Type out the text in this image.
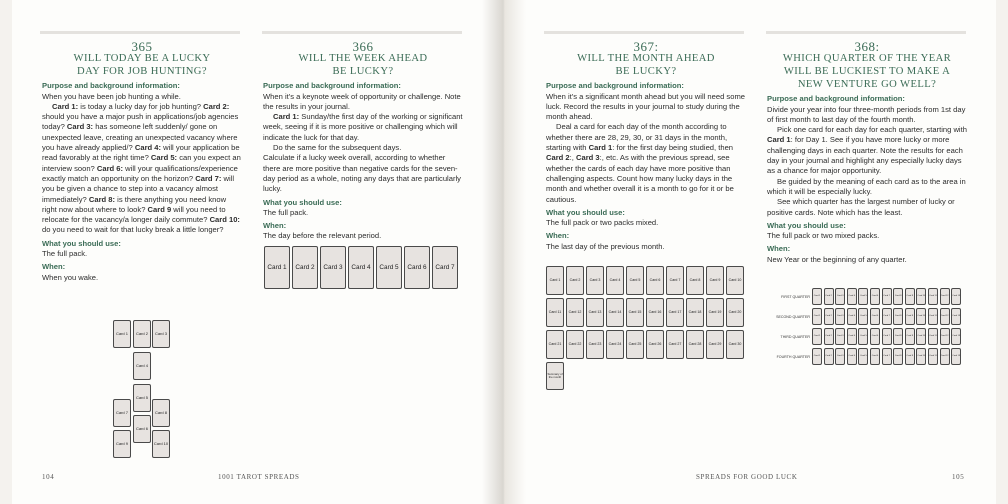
365
WILL TODAY BE A LUCKY
DAY FOR JOB HUNTING?
Purpose and background information:
When you have been job hunting a while.
Card 1: is today a lucky day for job hunting? Card 2: should you have a major push in applications/job agencies today? Card 3: has someone left suddenly/ gone on unexpected leave, creating an unexpected vacancy where you have already applied/? Card 4: will your application be read favorably at the right time? Card 5: can you expect an interview soon? Card 6: will your qualifications/experience exactly match an opportunity on the horizon? Card 7: will you be given a chance to step into a vacancy almost immediately? Card 8: is there anything you need know right now about where to look? Card 9 will you need to relocate for the vacancy/a longer daily commute? Card 10: do you need to wait for that lucky break a little longer?
What you should use:
The full pack.
When:
When you wake.
Card 1 Card 2 Card 3
Card 4
Card 5
Card 6
Card 7	Card 8
Card 9	Card 10
366
WILL THE WEEK AHEAD
BE LUCKY?
Purpose and background information:
When it's a keynote week of opportunity or challenge. Note the results in your journal.
Card 1: Sunday/the first day of the working or significant week, seeing if it is more positive or challenging which will indicate the luck for that day.
Do the same for the subsequent days.
Calculate if a lucky week overall, according to whether there are more positive than negative cards for the seven-day period as a whole, noting any days that are particularly lucky.
What you should use:
The full pack.
When:
The day before the relevant period.
Card 1 Card 2 Card 3 Card 4 Card 5 Card 6 Card 7
367:
WILL THE MONTH AHEAD
BE LUCKY?
Purpose and background information:
When it's a significant month ahead but you will need some luck. Record the results in your journal to study during the month ahead.
Deal a card for each day of the month according to whether there are 28, 29, 30, or 31 days in the month, starting with Card 1: for the first day being studied, then Card 2:, Card 3:, etc. As with the previous spread, see whether the cards of each day have more positive than challenging aspects. Count how many lucky days in the month and whether overall it is a month to go for it or be cautious.
What you should use:
The full pack or two packs mixed.
When:
The last day of the previous month.
Card 1	Card 2	Card 3	Card 4	Card 5	Card 6	Card 7	Card 8	Card 9 Card 10
Card 11 Card 12 Card 13 Card 14 Card 15 Card 16 Card 17 Card 18 Card 19 Card 20
Card 21 Card 22 Card 23 Card 24 Card 25 Card 26 Card 27 Card 28 Card 29 Card 30
Summary of the month
368:
WHICH QUARTER OF THE YEAR
WILL BE LUCKIEST TO MAKE A
NEW VENTURE GO WELL?
Purpose and background information:
Divide your year into four three-month periods from 1st day of first month to last day of the fourth month.
Pick one card for each day for each quarter, starting with Card 1: for Day 1. See if you have more lucky or more challenging days in each quarter. Note the results for each day in your journal and highlight any especially lucky days as a chance for major opportunity.
Be guided by the meaning of each card as to the area in which it will be especially lucky.
See which quarter has the largest number of lucky or positive cards. Note which has the least.
What you should use:
The full pack or two mixed packs.
When:
New Year or the beginning of any quarter.
FIRST QUARTER Card 1 Card 2 Card 3 Card 4 Card 5 Card 6 Card 7 Card 8 Card 9 Card 10 Card 11 Card 12 Card 13
SECOND QUARTER Card 1 Card 2 Card 3 Card 4 Card 5 Card 6 Card 7 Card 8 Card 9 Card 10 Card 11 Card 12 Card 13
THIRD QUARTER Card 1 Card 2 Card 3 Card 4 Card 5 Card 6 Card 7 Card 8 Card 9 Card 10 Card 11 Card 12 Card 13
FOURTH QUARTER Card 1 Card 2 Card 3 Card 4 Card 5 Card 6 Card 7 Card 8 Card 9 Card 10 Card 11 Card 12 Card 13
104	1001 TAROT SPREADS	SPREADS FOR GOOD LUCK	105
